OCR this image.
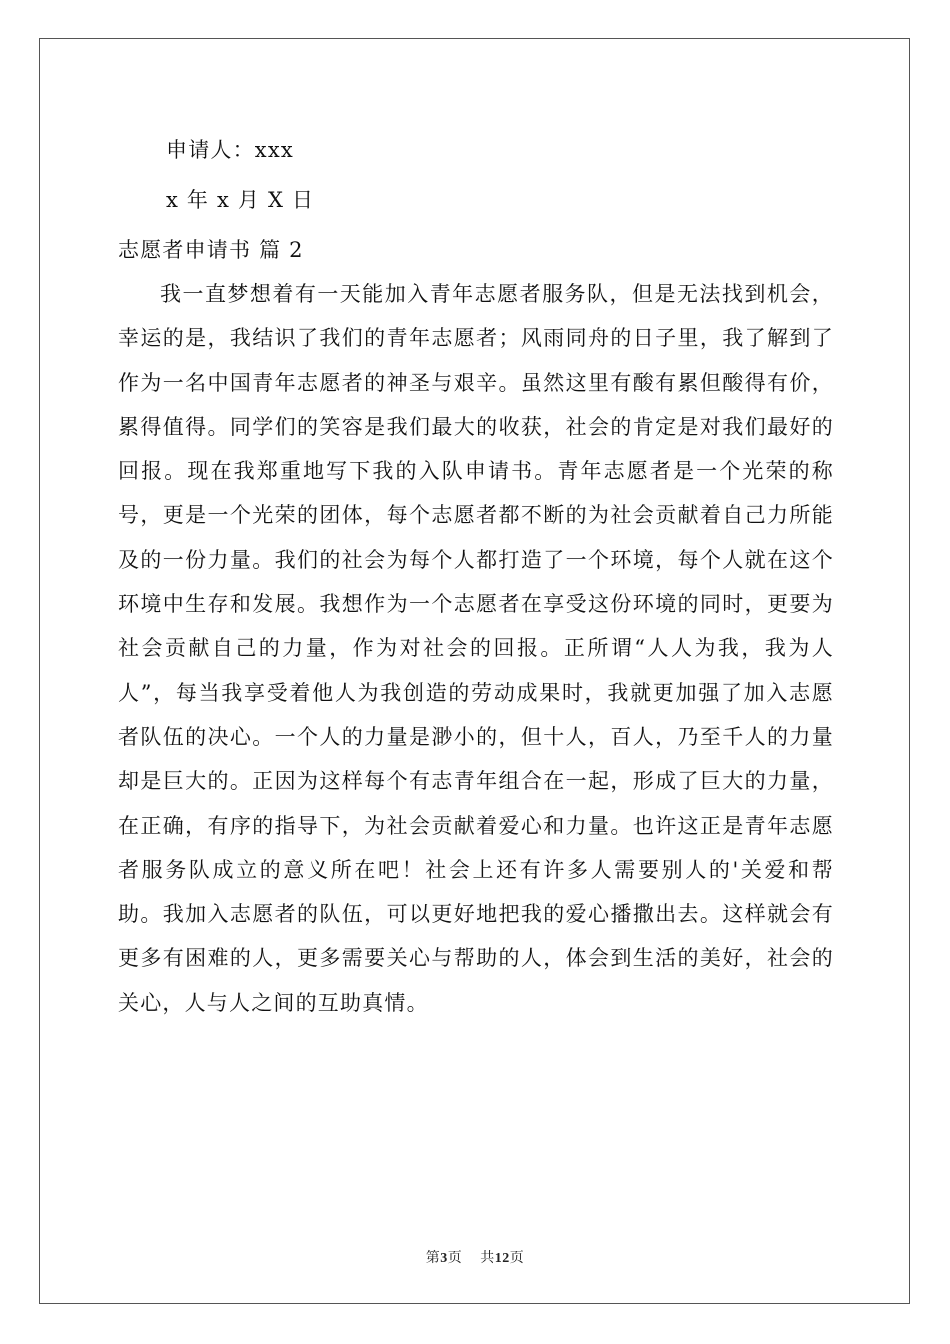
申请人：xxx
x 年 x 月 X 日
志愿者申请书 篇 2

我一直梦想着有一天能加入青年志愿者服务队，但是无法找到机会，幸运的是，我结识了我们的青年志愿者；风雨同舟的日子里，我了解到了作为一名中国青年志愿者的神圣与艰辛。虽然这里有酸有累但酸得有价，累得值得。同学们的笑容是我们最大的收获，社会的肯定是对我们最好的回报。现在我郑重地写下我的入队申请书。青年志愿者是一个光荣的称号，更是一个光荣的团体，每个志愿者都不断的为社会贡献着自己力所能及的一份力量。我们的社会为每个人都打造了一个环境，每个人就在这个环境中生存和发展。我想作为一个志愿者在享受这份环境的同时，更要为社会贡献自己的力量，作为对社会的回报。正所谓“人人为我，我为人人”，每当我享受着他人为我创造的劳动成果时，我就更加强了加入志愿者队伍的决心。一个人的力量是渺小的，但十人，百人，乃至千人的力量却是巨大的。正因为这样每个有志青年组合在一起，形成了巨大的力量，在正确，有序的指导下，为社会贡献着爱心和力量。也许这正是青年志愿者服务队成立的意义所在吧！社会上还有许多人需要别人的'关爱和帮助。我加入志愿者的队伍，可以更好地把我的爱心播撒出去。这样就会有更多有困难的人，更多需要关心与帮助的人，体会到生活的美好，社会的关心，人与人之间的互助真情。

第3页 共12页
